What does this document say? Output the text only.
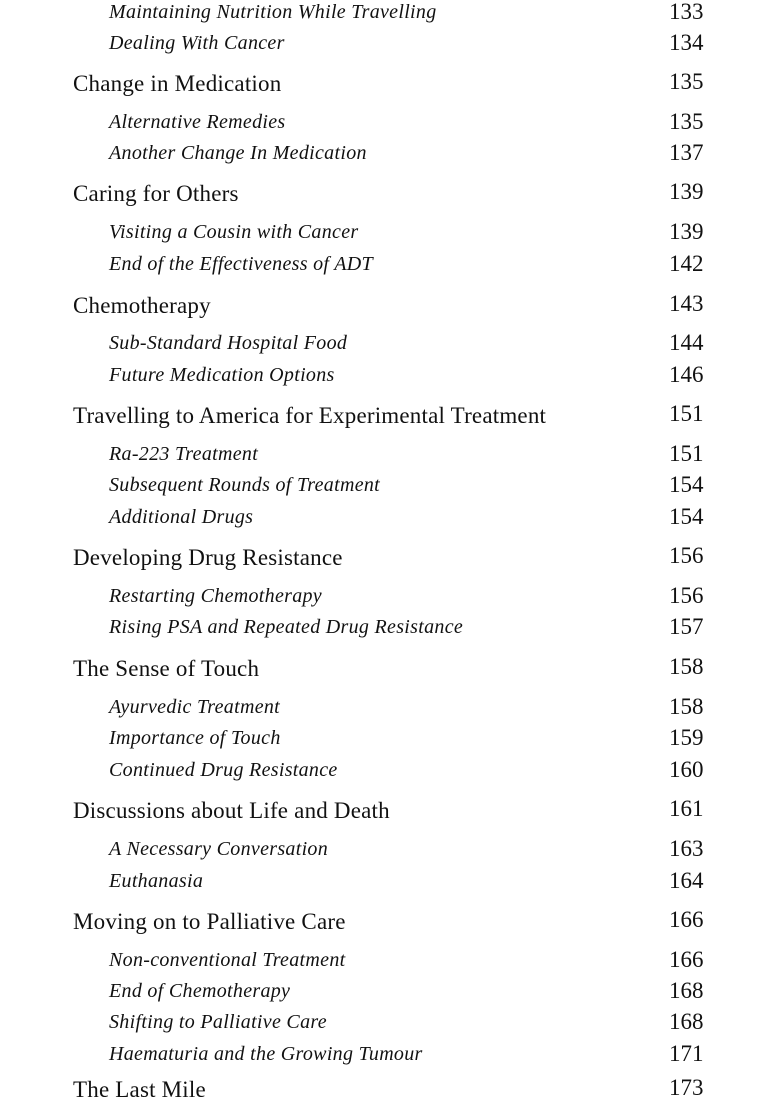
Maintaining Nutrition While Travelling	133
Dealing With Cancer	134
Change in Medication	135
Alternative Remedies	135
Another Change In Medication	137
Caring for Others	139
Visiting a Cousin with Cancer	139
End of the Effectiveness of ADT	142
Chemotherapy	143
Sub-Standard Hospital Food	144
Future Medication Options	146
Travelling to America for Experimental Treatment	151
Ra-223 Treatment	151
Subsequent Rounds of Treatment	154
Additional Drugs	154
Developing Drug Resistance	156
Restarting Chemotherapy	156
Rising PSA and Repeated Drug Resistance	157
The Sense of Touch	158
Ayurvedic Treatment	158
Importance of Touch	159
Continued Drug Resistance	160
Discussions about Life and Death	161
A Necessary Conversation	163
Euthanasia	164
Moving on to Palliative Care	166
Non-conventional Treatment	166
End of Chemotherapy	168
Shifting to Palliative Care	168
Haematuria and the Growing Tumour	171
The Last Mile	173
